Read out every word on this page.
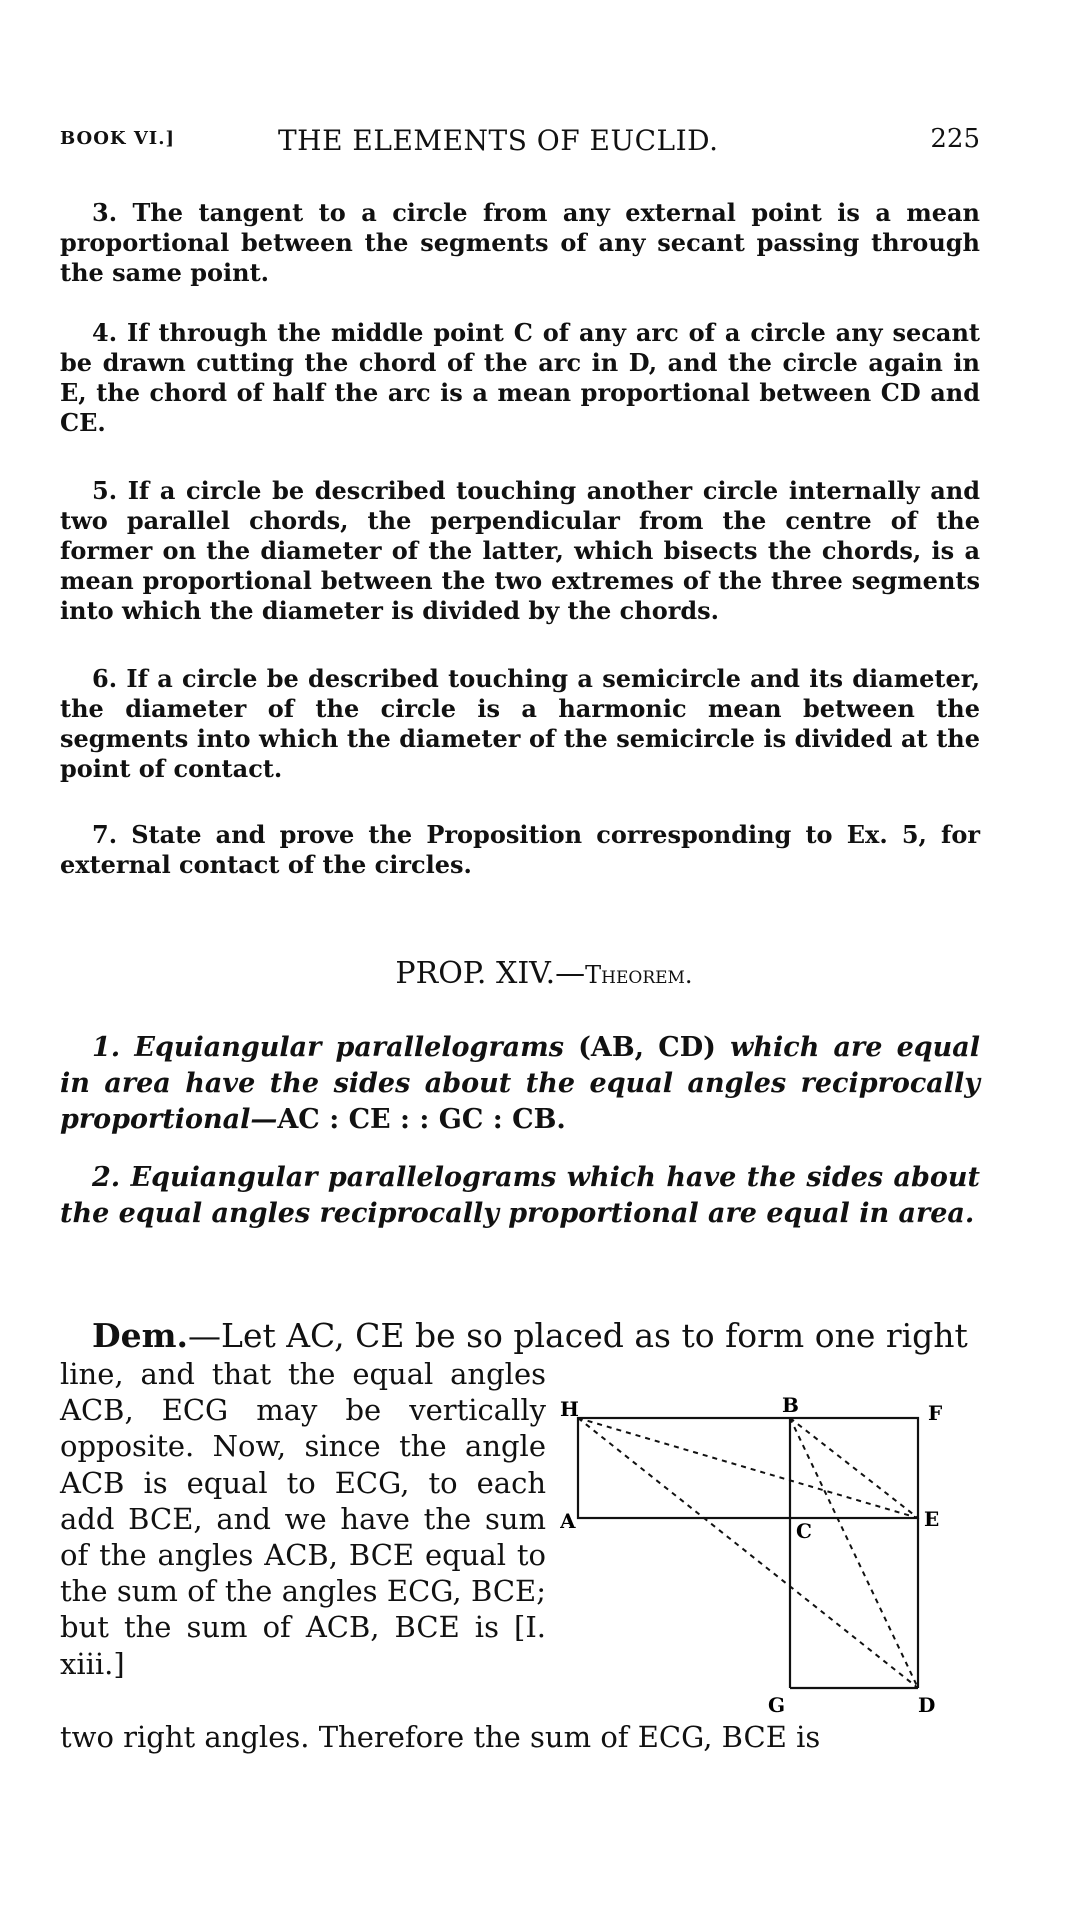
BOOK VI.]	THE ELEMENTS OF EUCLID.	225

3. The tangent to a circle from any external point is a mean proportional between the segments of any secant passing through the same point.

4. If through the middle point C of any arc of a circle any secant be drawn cutting the chord of the arc in D, and the circle again in E, the chord of half the arc is a mean proportional between CD and CE.

5. If a circle be described touching another circle internally and two parallel chords, the perpendicular from the centre of the former on the diameter of the latter, which bisects the chords, is a mean proportional between the two extremes of the three segments into which the diameter is divided by the chords.

6. If a circle be described touching a semicircle and its diameter, the diameter of the circle is a harmonic mean between the segments into which the diameter of the semicircle is divided at the point of contact.

7. State and prove the Proposition corresponding to Ex. 5, for external contact of the circles.

PROP. XIV.—Theorem.

1. Equiangular parallelograms (AB, CD) which are equal in area have the sides about the equal angles reciprocally proportional—AC : CE : : GC : CB.

2. Equiangular parallelograms which have the sides about the equal angles reciprocally proportional are equal in area.

Dem.—Let AC, CE be so placed as to form one right

line, and that the equal angles ACB, ECG may be vertically opposite. Now, since the angle ACB is equal to ECG, to each add BCE, and we have the sum of the angles ACB, BCE equal to the sum of the angles ECG, BCE; but the sum of ACB, BCE is [I. xiii.]

H	B	F
A	C	E
G	D

two right angles. Therefore the sum of ECG, BCE is
